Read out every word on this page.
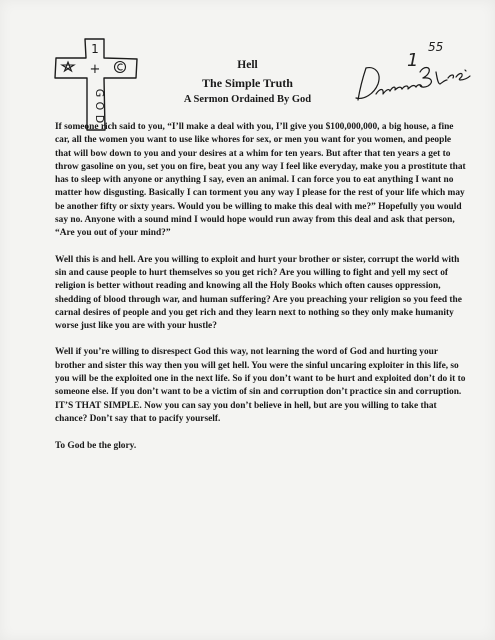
1
+
G
O
D
1
55
Hell
The Simple Truth
A Sermon Ordained By God

If someone rich said to you, “I’ll make a deal with you, I’ll give you $100,000,000, a big house, a fine car, all the women you want to use like whores for sex, or men you want for you women, and people that will bow down to you and your desires at a whim for ten years. But after that ten years a get to throw gasoline on you, set you on fire, beat you any way I feel like everyday, make you a prostitute that has to sleep with anyone or anything I say, even an animal. I can force you to eat anything I want no matter how disgusting. Basically I can torment you any way I please for the rest of your life which may be another fifty or sixty years. Would you be willing to make this deal with me?” Hopefully you would say no. Anyone with a sound mind I would hope would run away from this deal and ask that person, “Are you out of your mind?”

Well this is and hell. Are you willing to exploit and hurt your brother or sister, corrupt the world with sin and cause people to hurt themselves so you get rich? Are you willing to fight and yell my sect of religion is better without reading and knowing all the Holy Books which often causes oppression, shedding of blood through war, and human suffering? Are you preaching your religion so you feed the carnal desires of people and you get rich and they learn next to nothing so they only make humanity worse just like you are with your hustle?

Well if you’re willing to disrespect God this way, not learning the word of God and hurting your brother and sister this way then you will get hell. You were the sinful uncaring exploiter in this life, so you will be the exploited one in the next life. So if you don’t want to be hurt and exploited don’t do it to someone else. If you don’t want to be a victim of sin and corruption don’t practice sin and corruption. IT’S THAT SIMPLE. Now you can say you don’t believe in hell, but are you willing to take that chance? Don’t say that to pacify yourself.

To God be the glory.
